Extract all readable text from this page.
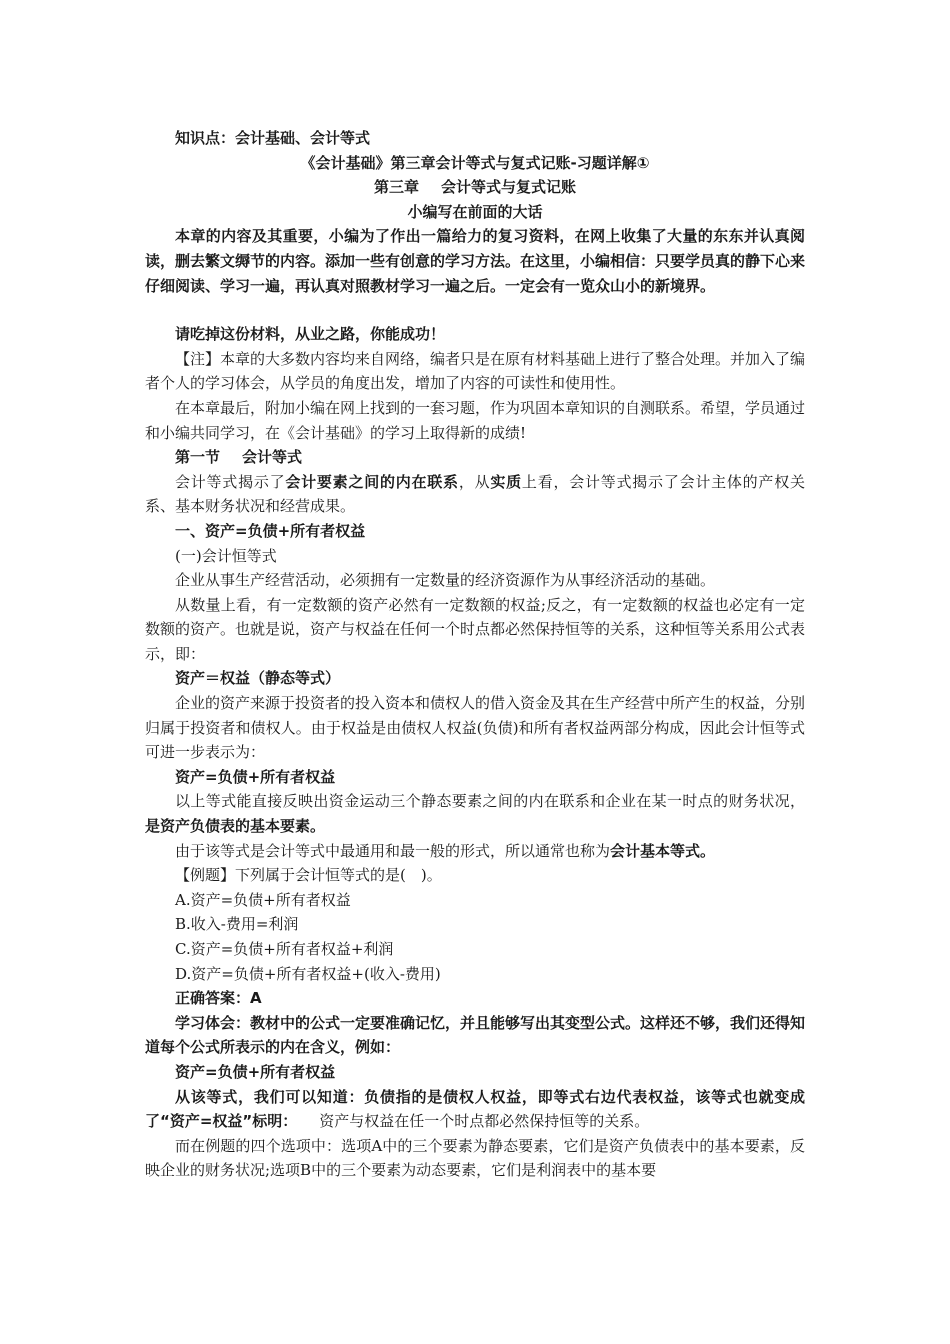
知识点：会计基础、会计等式

《会计基础》第三章会计等式与复式记账-习题详解①

第三章 会计等式与复式记账

小编写在前面的大话

本章的内容及其重要，小编为了作出一篇给力的复习资料，在网上收集了大量的东东并认真阅读，删去繁文缛节的内容。添加一些有创意的学习方法。在这里，小编相信：只要学员真的静下心来仔细阅读、学习一遍，再认真对照教材学习一遍之后。一定会有一览众山小的新境界。

请吃掉这份材料，从业之路，你能成功！

【注】本章的大多数内容均来自网络，编者只是在原有材料基础上进行了整合处理。并加入了编者个人的学习体会，从学员的角度出发，增加了内容的可读性和使用性。

在本章最后，附加小编在网上找到的一套习题，作为巩固本章知识的自测联系。希望，学员通过和小编共同学习，在《会计基础》的学习上取得新的成绩!

第一节 会计等式

会计等式揭示了会计要素之间的内在联系，从实质上看，会计等式揭示了会计主体的产权关系、基本财务状况和经营成果。

一、资产=负债+所有者权益

(一)会计恒等式

企业从事生产经营活动，必须拥有一定数量的经济资源作为从事经济活动的基础。

从数量上看，有一定数额的资产必然有一定数额的权益;反之，有一定数额的权益也必定有一定数额的资产。也就是说，资产与权益在任何一个时点都必然保持恒等的关系，这种恒等关系用公式表示，即：

资产＝权益（静态等式）

企业的资产来源于投资者的投入资本和债权人的借入资金及其在生产经营中所产生的权益，分别归属于投资者和债权人。由于权益是由债权人权益(负债)和所有者权益两部分构成，因此会计恒等式可进一步表示为：

资产=负债+所有者权益

以上等式能直接反映出资金运动三个静态要素之间的内在联系和企业在某一时点的财务状况，是资产负债表的基本要素。

由于该等式是会计等式中最通用和最一般的形式，所以通常也称为会计基本等式。

【例题】下列属于会计恒等式的是(　)。

A.资产=负债+所有者权益

B.收入-费用=利润

C.资产=负债+所有者权益+利润

D.资产=负债+所有者权益+(收入-费用)

正确答案：A

学习体会：教材中的公式一定要准确记忆，并且能够写出其变型公式。这样还不够，我们还得知道每个公式所表示的内在含义，例如：

资产=负债+所有者权益

从该等式，我们可以知道：负债指的是债权人权益，即等式右边代表权益，该等式也就变成了“资产=权益”标明： 资产与权益在任一个时点都必然保持恒等的关系。

而在例题的四个选项中：选项A中的三个要素为静态要素，它们是资产负债表中的基本要素，反映企业的财务状况;选项B中的三个要素为动态要素，它们是利润表中的基本要
